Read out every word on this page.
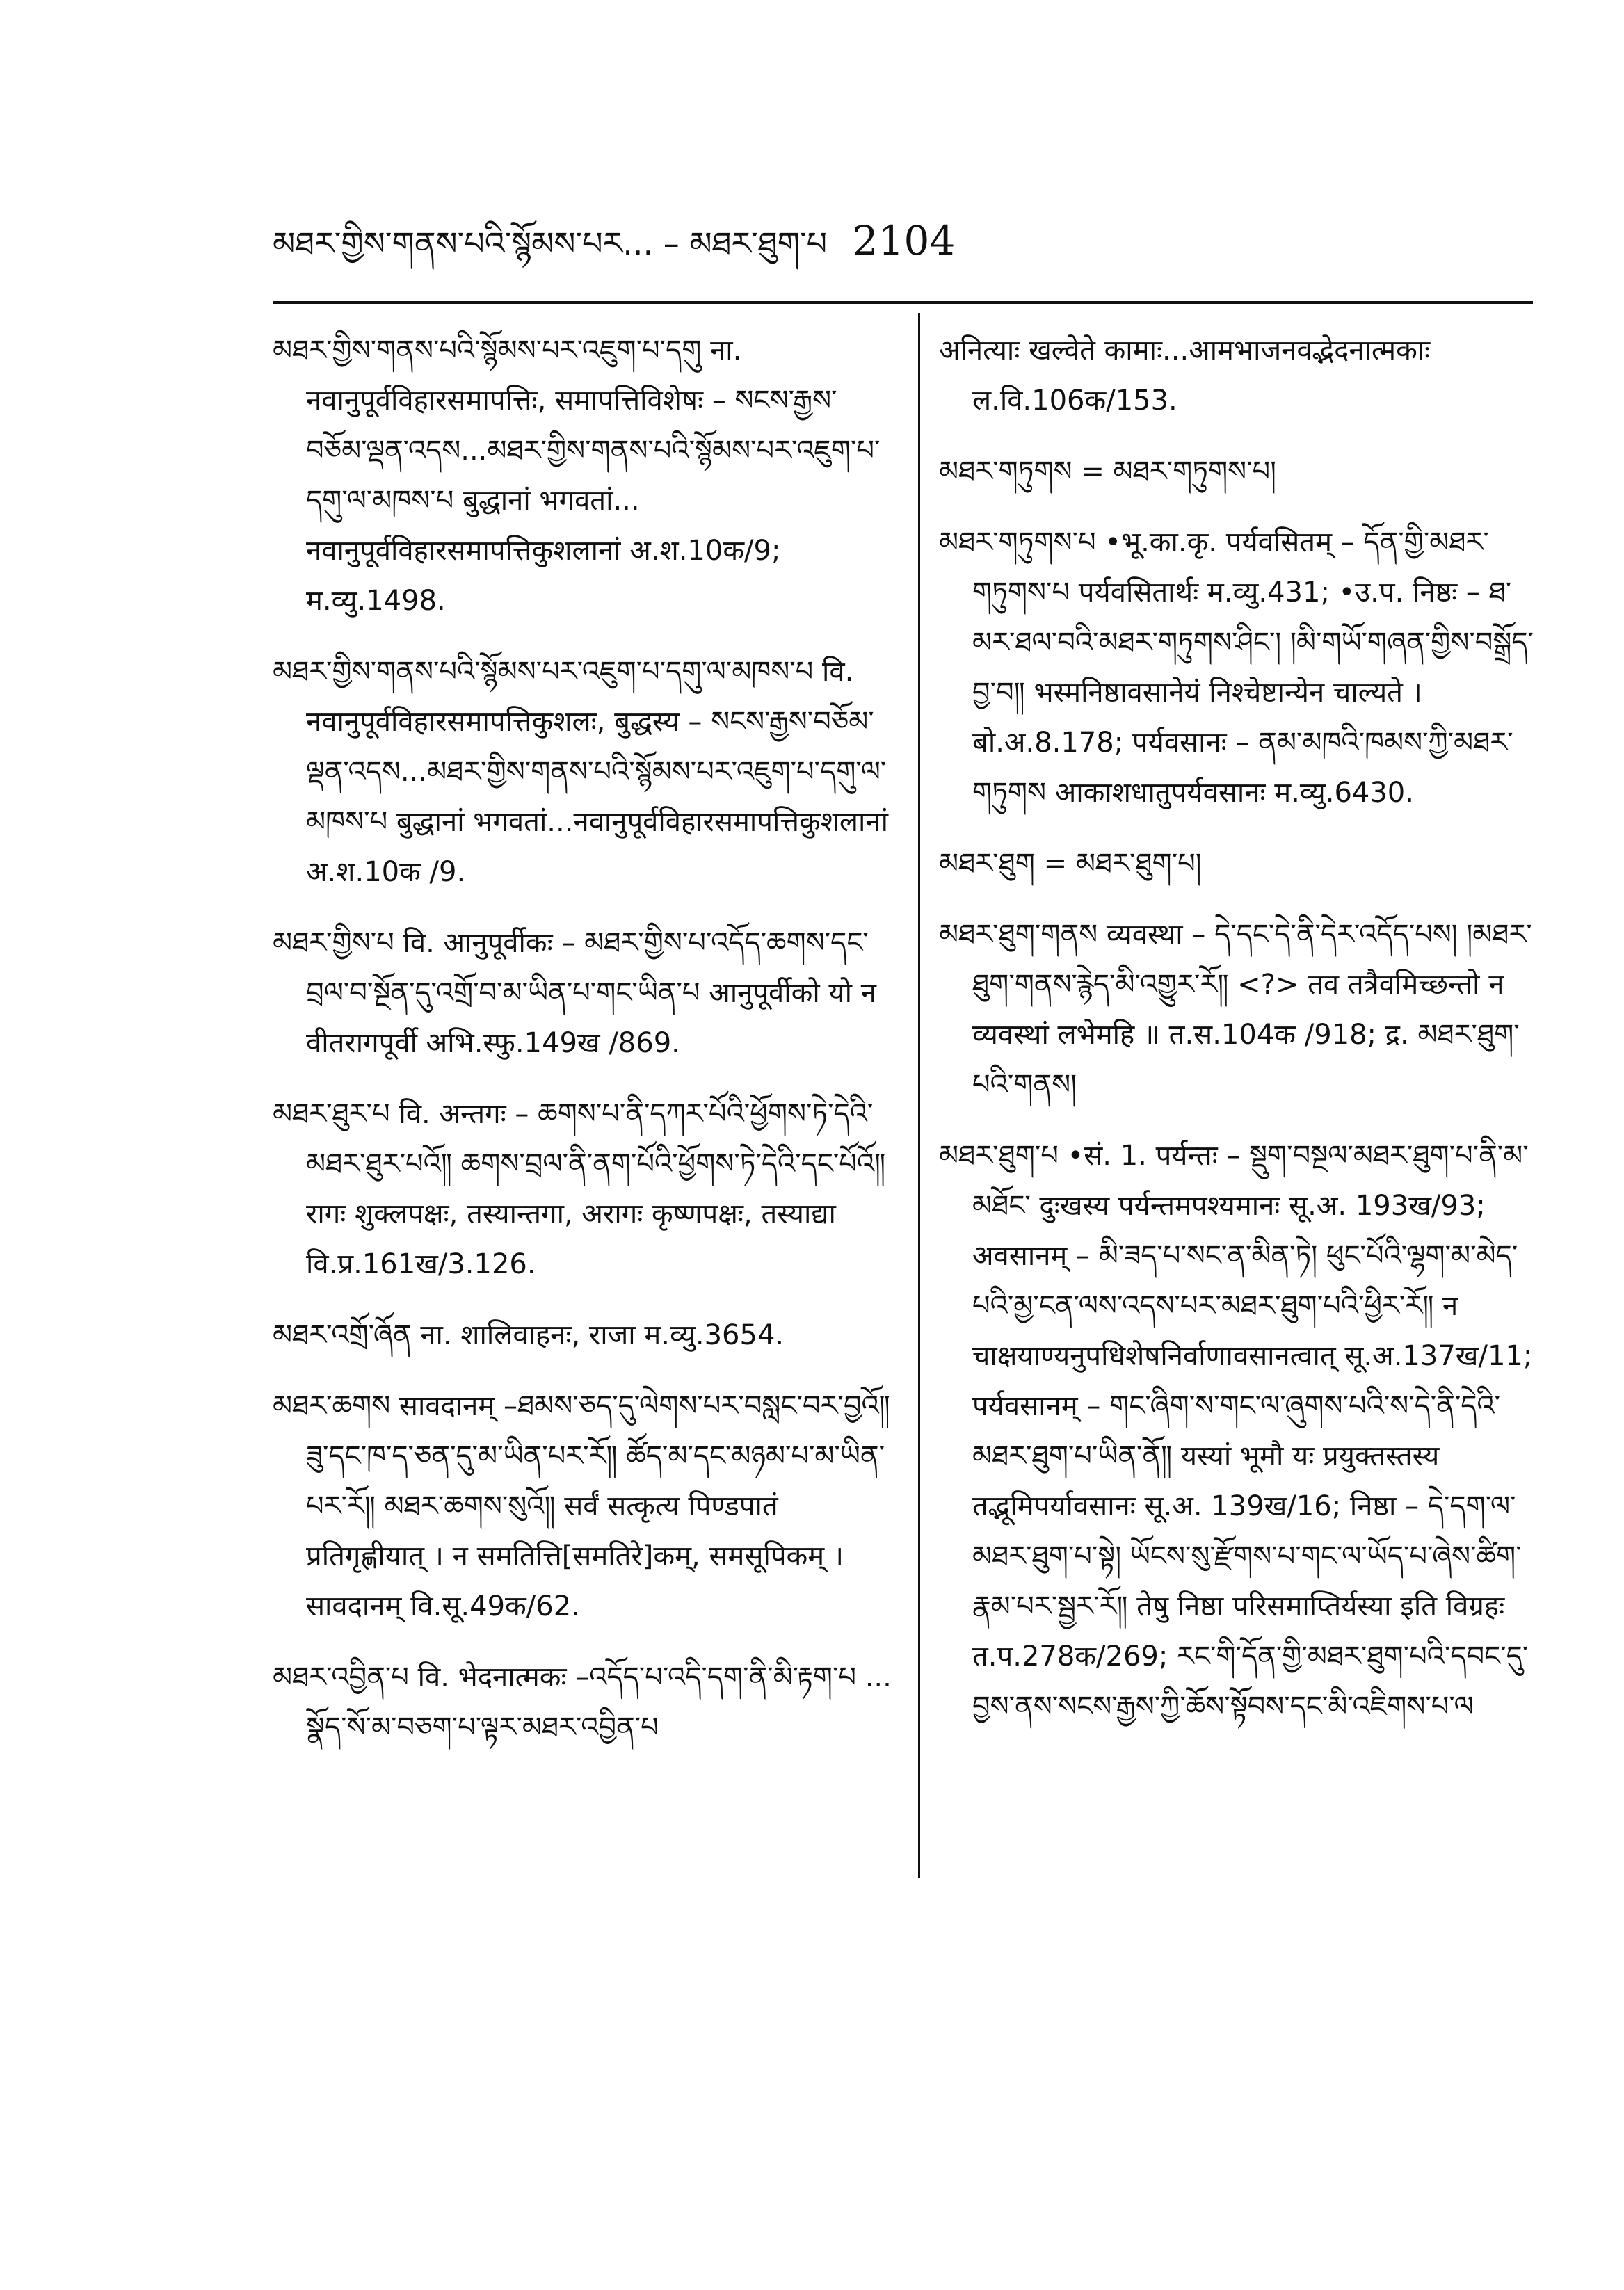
མཐར་གྱིས་གནས་པའི་སྙོམས་པར... – མཐར་ཐུག་པ 2104

མཐར་གྱིས་གནས་པའི་སྙོམས་པར་འཇུག་པ་དགུ ना. नवानुपूर्वविहारसमापत्तिः, समापत्तिविशेषः – སངས་རྒྱས་བཅོམ་ལྡན་འདས...མཐར་གྱིས་གནས་པའི་སྙོམས་པར་འཇུག་པ་དགུ་ལ་མཁས་པ बुद्धानां भगवतां... नवानुपूर्वविहारसमापत्तिकुशलानां अ.श.10क/9; म.व्यु.1498.

མཐར་གྱིས་གནས་པའི་སྙོམས་པར་འཇུག་པ་དགུ་ལ་མཁས་པ वि. नवानुपूर्वविहारसमापत्तिकुशलः, बुद्धस्य – སངས་རྒྱས་བཅོམ་ལྡན་འདས...མཐར་གྱིས་གནས་པའི་སྙོམས་པར་འཇུག་པ་དགུ་ལ་མཁས་པ बुद्धानां भगवतां...नवानुपूर्वविहारसमापत्तिकुशलानां अ.श.10क /9.

མཐར་གྱིས་པ वि. आनुपूर्वीकः – མཐར་གྱིས་པ་འདོད་ཆགས་དང་བྲལ་བ་སྔོན་དུ་འགྲོ་བ་མ་ཡིན་པ་གང་ཡིན་པ आनुपूर्वीको यो न वीतरागपूर्वी अभि.स्फु.149ख /869.

མཐར་ཐུར་པ वि. अन्तगः – ཆགས་པ་ནི་དཀར་པོའི་ཕྱོགས་ཏེ་དེའི་མཐར་ཐུར་པའོ༎ ཆགས་བྲལ་ནི་ནག་པོའི་ཕྱོགས་ཏེ་དེའི་དང་པོའོ༎ रागः शुक्लपक्षः, तस्यान्तगा, अरागः कृष्णपक्षः, तस्याद्या वि.प्र.161ख/3.126.

མཐར་འགྲོ་ཞོན ना. शालिवाहनः, राजा म.व्यु.3654.

མཐར་ཆགས सावदानम् –ཐམས་ཅད་དུ་ལེགས་པར་བསླང་བར་བྱའོ༎ ཟུ་དང་ཁ་ད་ཅན་དུ་མ་ཡིན་པར་རོ༎ ཚོད་མ་དང་མཉམ་པ་མ་ཡིན་པར་རོ༎ མཐར་ཆགས་སུའོ༎ सर्वं सत्कृत्य पिण्डपातं प्रतिगृह्णीयात् । न समतित्ति[समतिरे]कम्, समसूपिकम् । सावदानम् वि.सू.49क/62.

མཐར་འབྱིན་པ वि. भेदनात्मकः –འདོད་པ་འདི་དག་ནི་མི་རྟག་པ ... སྣོད་སོ་མ་བཅག་པ་ལྟར་མཐར་འབྱིན་པ

अनित्याः खल्वेते कामाः...आमभाजनवद्भेदनात्मकाः ल.वि.106क/153.

མཐར་གཏུགས = མཐར་གཏུགས་པ།

མཐར་གཏུགས་པ •भू.का.कृ. पर्यवसितम् – དོན་གྱི་མཐར་གཏུགས་པ पर्यवसितार्थः म.व्यु.431; •उ.प. निष्ठः – ཐ་མར་ཐལ་བའི་མཐར་གཏུགས་ཤིང་། །མི་གཡོ་གཞན་གྱིས་བསྒྲོད་བྱ་བ༎ भस्मनिष्ठावसानेयं निश्चेष्टान्येन चाल्यते । बो.अ.8.178; पर्यवसानः – ནམ་མཁའི་ཁམས་ཀྱི་མཐར་གཏུགས आकाशधातुपर्यवसानः म.व्यु.6430.

མཐར་ཐུག = མཐར་ཐུག་པ།

མཐར་ཐུག་གནས व्यवस्था – དེ་དང་དེ་ནི་དེར་འདོད་པས། །མཐར་ཐུག་གནས་རྙེད་མི་འགྱུར་རོ༎ <?> तव तत्रैवमिच्छन्तो न व्यवस्थां लभेमहि ॥ त.स.104क /918; द्र. མཐར་ཐུག་པའི་གནས།

མཐར་ཐུག་པ •सं. 1. पर्यन्तः – སྡུག་བསྔལ་མཐར་ཐུག་པ་ནི་མ་མཐོང་ दुःखस्य पर्यन्तमपश्यमानः सू.अ. 193ख/93; अवसानम् – མི་ཟད་པ་སང་ན་མིན་ཏེ། ཕུང་པོའི་ལྷག་མ་མེད་པའི་མྱ་ངན་ལས་འདས་པར་མཐར་ཐུག་པའི་ཕྱིར་རོ༎ न चाक्षयाण्यनुपधिशेषनिर्वाणावसानत्वात् सू.अ.137ख/11; पर्यवसानम् – གང་ཞིག་ས་གང་ལ་ཞུགས་པའི་ས་དེ་ནི་དེའི་མཐར་ཐུག་པ་ཡིན་ནོ༎ यस्यां भूमौ यः प्रयुक्तस्तस्य तद्भूमिपर्यावसानः सू.अ. 139ख/16; निष्ठा – དེ་དག་ལ་མཐར་ཐུག་པ་སྟེ། ཡོངས་སུ་རྫོགས་པ་གང་ལ་ཡོད་པ་ཞེས་ཚིག་རྣམ་པར་སྦྱར་རོ༎ तेषु निष्ठा परिसमाप्तिर्यस्या इति विग्रहः त.प.278क/269; རང་གི་དོན་གྱི་མཐར་ཐུག་པའི་དབང་དུ་བྱས་ནས་སངས་རྒྱས་ཀྱི་ཆོས་སྟོབས་དང་མི་འཇིགས་པ་ལ
